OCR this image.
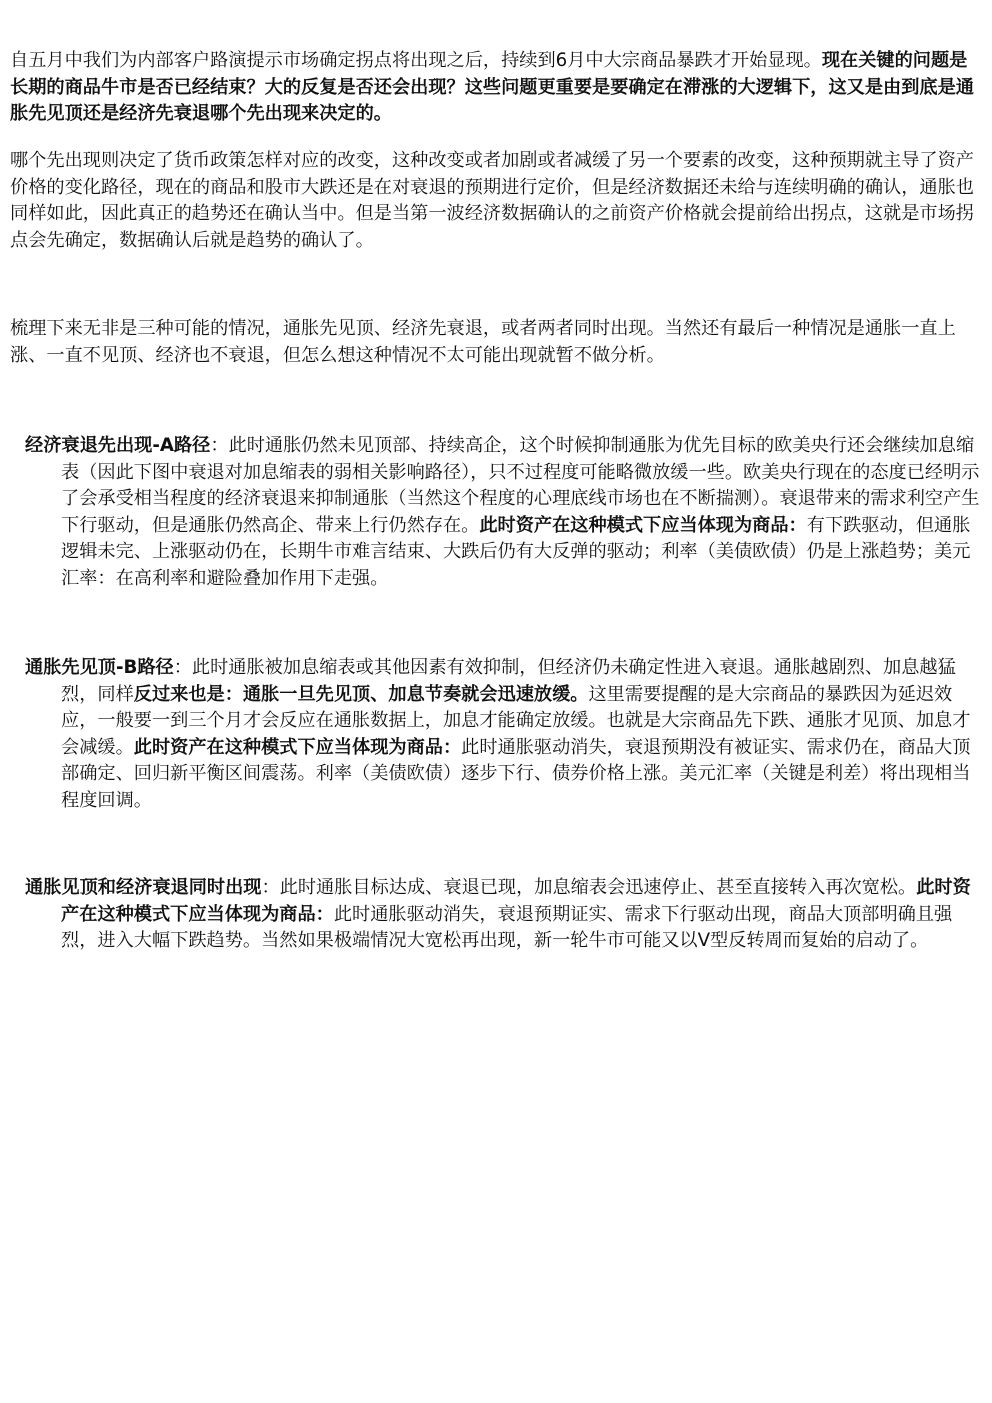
自五月中我们为内部客户路演提示市场确定拐点将出现之后，持续到6月中大宗商品暴跌才开始显现。现在关键的问题是长期的商品牛市是否已经结束？大的反复是否还会出现？这些问题更重要是要确定在滞涨的大逻辑下，这又是由到底是通胀先见顶还是经济先衰退哪个先出现来决定的。

哪个先出现则决定了货币政策怎样对应的改变，这种改变或者加剧或者减缓了另一个要素的改变，这种预期就主导了资产价格的变化路径，现在的商品和股市大跌还是在对衰退的预期进行定价，但是经济数据还未给与连续明确的确认，通胀也同样如此，因此真正的趋势还在确认当中。但是当第一波经济数据确认的之前资产价格就会提前给出拐点，这就是市场拐点会先确定，数据确认后就是趋势的确认了。

梳理下来无非是三种可能的情况，通胀先见顶、经济先衰退，或者两者同时出现。当然还有最后一种情况是通胀一直上涨、一直不见顶、经济也不衰退，但怎么想这种情况不太可能出现就暂不做分析。

经济衰退先出现-A路径：此时通胀仍然未见顶部、持续高企，这个时候抑制通胀为优先目标的欧美央行还会继续加息缩表（因此下图中衰退对加息缩表的弱相关影响路径），只不过程度可能略微放缓一些。欧美央行现在的态度已经明示了会承受相当程度的经济衰退来抑制通胀（当然这个程度的心理底线市场也在不断揣测）。衰退带来的需求利空产生下行驱动，但是通胀仍然高企、带来上行仍然存在。此时资产在这种模式下应当体现为商品：有下跌驱动，但通胀逻辑未完、上涨驱动仍在，长期牛市难言结束、大跌后仍有大反弹的驱动；利率（美债欧债）仍是上涨趋势；美元汇率：在高利率和避险叠加作用下走强。

通胀先见顶-B路径：此时通胀被加息缩表或其他因素有效抑制，但经济仍未确定性进入衰退。通胀越剧烈、加息越猛烈，同样反过来也是：通胀一旦先见顶、加息节奏就会迅速放缓。这里需要提醒的是大宗商品的暴跌因为延迟效应，一般要一到三个月才会反应在通胀数据上，加息才能确定放缓。也就是大宗商品先下跌、通胀才见顶、加息才会减缓。此时资产在这种模式下应当体现为商品：此时通胀驱动消失，衰退预期没有被证实、需求仍在，商品大顶部确定、回归新平衡区间震荡。利率（美债欧债）逐步下行、债券价格上涨。美元汇率（关键是利差）将出现相当程度回调。

通胀见顶和经济衰退同时出现：此时通胀目标达成、衰退已现，加息缩表会迅速停止、甚至直接转入再次宽松。此时资产在这种模式下应当体现为商品：此时通胀驱动消失，衰退预期证实、需求下行驱动出现，商品大顶部明确且强烈，进入大幅下跌趋势。当然如果极端情况大宽松再出现，新一轮牛市可能又以V型反转周而复始的启动了。
